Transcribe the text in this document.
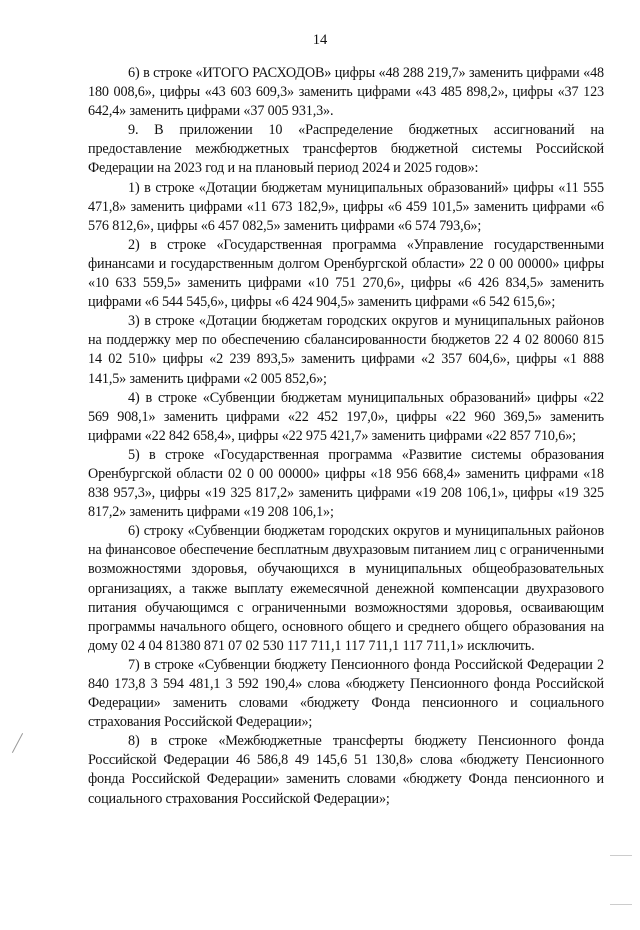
14

6) в строке «ИТОГО РАСХОДОВ» цифры «48 288 219,7» заменить цифрами «48 180 008,6», цифры «43 603 609,3» заменить цифрами «43 485 898,2», цифры «37 123 642,4» заменить цифрами «37 005 931,3».

9. В приложении 10 «Распределение бюджетных ассигнований на предоставление межбюджетных трансфертов бюджетной системы Российской Федерации на 2023 год и на плановый период 2024 и 2025 годов»:

1) в строке «Дотации бюджетам муниципальных образований» цифры «11 555 471,8» заменить цифрами «11 673 182,9», цифры «6 459 101,5» заменить цифрами «6 576 812,6», цифры «6 457 082,5» заменить цифрами «6 574 793,6»;

2) в строке «Государственная программа «Управление государственными финансами и государственным долгом Оренбургской области» 22 0 00 00000» цифры «10 633 559,5» заменить цифрами «10 751 270,6», цифры «6 426 834,5» заменить цифрами «6 544 545,6», цифры «6 424 904,5» заменить цифрами «6 542 615,6»;

3) в строке «Дотации бюджетам городских округов и муниципальных районов на поддержку мер по обеспечению сбалансированности бюджетов 22 4 02 80060 815 14 02 510» цифры «2 239 893,5» заменить цифрами «2 357 604,6», цифры «1 888 141,5» заменить цифрами «2 005 852,6»;

4) в строке «Субвенции бюджетам муниципальных образований» цифры «22 569 908,1» заменить цифрами «22 452 197,0», цифры «22 960 369,5» заменить цифрами «22 842 658,4», цифры «22 975 421,7» заменить цифрами «22 857 710,6»;

5) в строке «Государственная программа «Развитие системы образования Оренбургской области 02 0 00 00000» цифры «18 956 668,4» заменить цифрами «18 838 957,3», цифры «19 325 817,2» заменить цифрами «19 208 106,1», цифры «19 325 817,2» заменить цифрами «19 208 106,1»;

6) строку «Субвенции бюджетам городских округов и муниципальных районов на финансовое обеспечение бесплатным двухразовым питанием лиц с ограниченными возможностями здоровья, обучающихся в муниципальных общеобразовательных организациях, а также выплату ежемесячной денежной компенсации двухразового питания обучающимся с ограниченными возможностями здоровья, осваивающим программы начального общего, основного общего и среднего общего образования на дому 02 4 04 81380 871 07 02 530 117 711,1 117 711,1 117 711,1» исключить.

7) в строке «Субвенции бюджету Пенсионного фонда Российской Федерации 2 840 173,8 3 594 481,1 3 592 190,4» слова «бюджету Пенсионного фонда Российской Федерации» заменить словами «бюджету Фонда пенсионного и социального страхования Российской Федерации»;

8) в строке «Межбюджетные трансферты бюджету Пенсионного фонда Российской Федерации 46 586,8 49 145,6 51 130,8» слова «бюджету Пенсионного фонда Российской Федерации» заменить словами «бюджету Фонда пенсионного и социального страхования Российской Федерации»;
